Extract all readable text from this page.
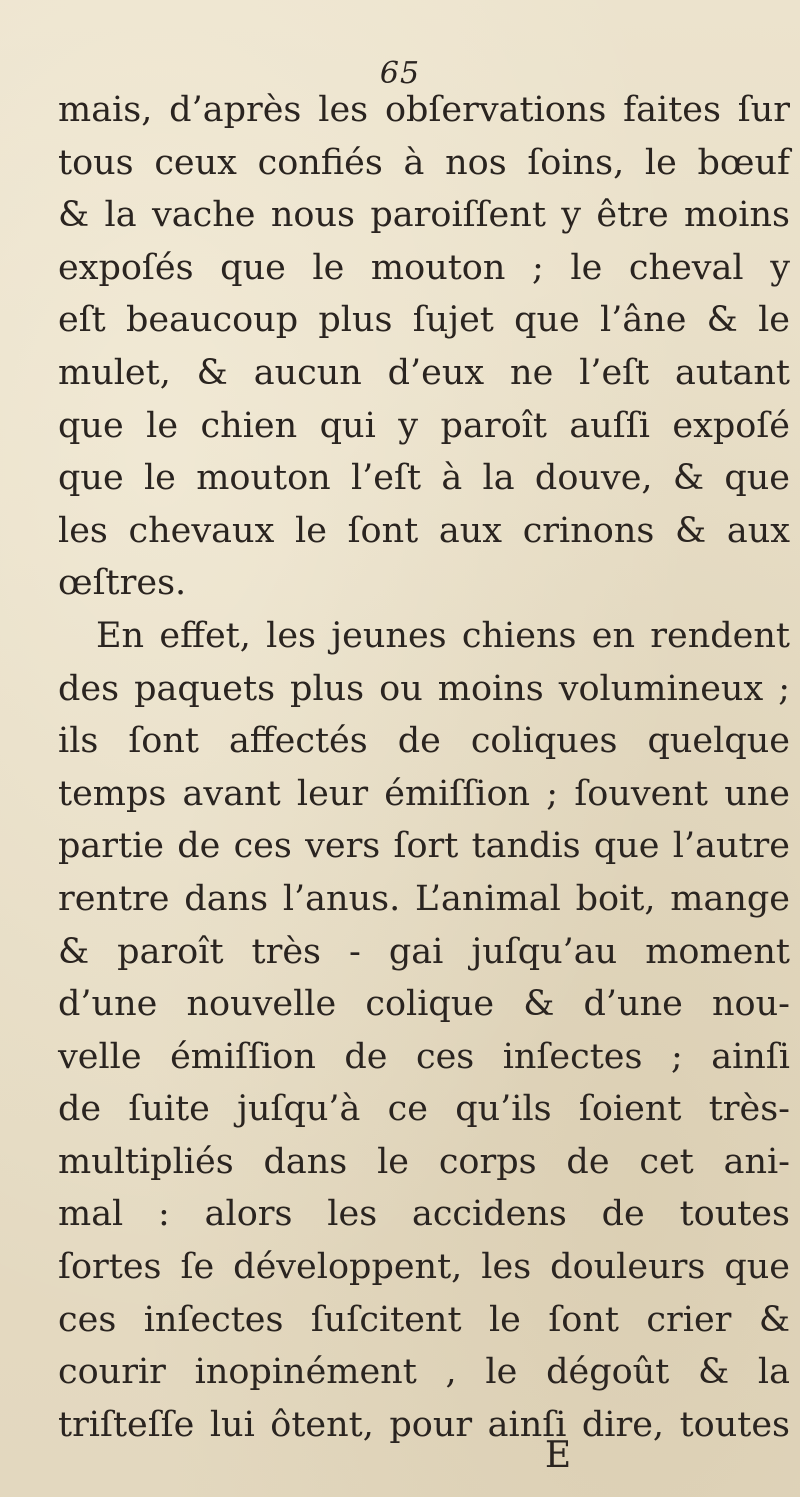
65
mais, d’après les obſervations faites ſur
tous ceux confiés à nos ſoins, le bœuf
& la vache nous paroiſſent y être moins
expoſés que le mouton ; le cheval y
eſt beaucoup plus ſujet que l’âne & le
mulet, & aucun d’eux ne l’eſt autant
que le chien qui y paroît auſſi expoſé
que le mouton l’eſt à la douve, & que
les chevaux le ſont aux crinons & aux
œſtres.
En effet, les jeunes chiens en rendent
des paquets plus ou moins volumineux ;
ils ſont affectés de coliques quelque
temps avant leur émiſſion ; ſouvent une
partie de ces vers ſort tandis que l’autre
rentre dans l’anus. L’animal boit, mange
& paroît très - gai juſqu’au moment
d’une nouvelle colique & d’une nou-
velle émiſſion de ces inſectes ; ainſi
de ſuite juſqu’à ce qu’ils ſoient très-
multipliés dans le corps de cet ani-
mal : alors les accidens de toutes
ſortes ſe développent, les douleurs que
ces inſectes ſuſcitent le ſont crier &
courir inopinément , le dégoût & la
triſteſſe lui ôtent, pour ainſi dire, toutes
E
